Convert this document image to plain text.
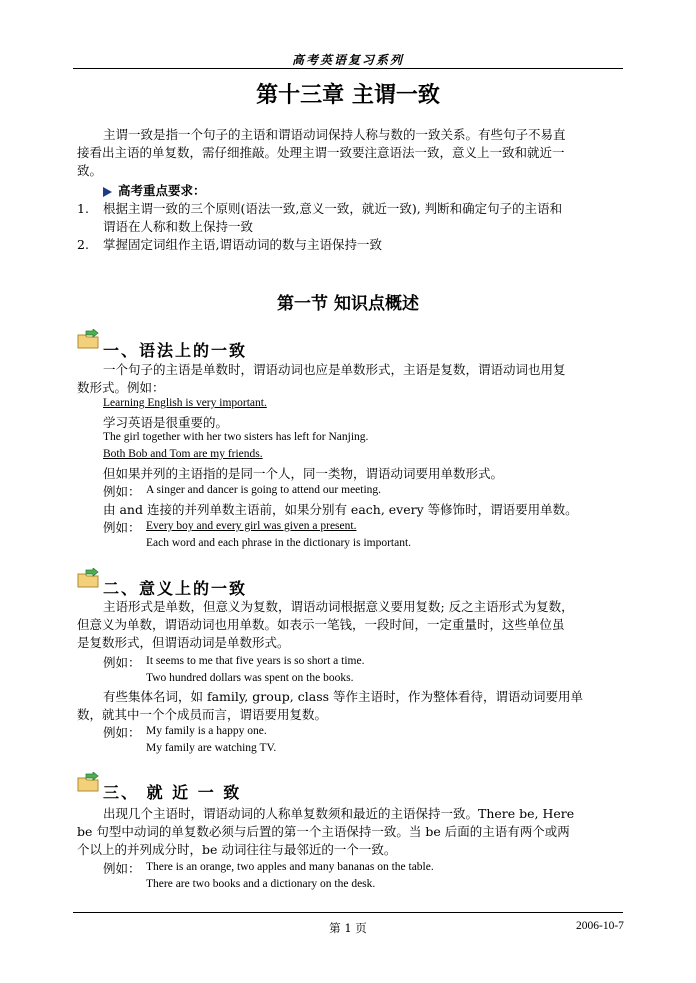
高考英语复习系列
第十三章 主谓一致
主谓一致是指一个句子的主语和谓语动词保持人称与数的一致关系。有些句子不易直
接看出主语的单复数，需仔细推敲。处理主谓一致要注意语法一致，意义上一致和就近一
致。
高考重点要求：
1. 根据主谓一致的三个原则(语法一致,意义一致，就近一致), 判断和确定句子的主语和
谓语在人称和数上保持一致
2. 掌握固定词组作主语,谓语动词的数与主语保持一致
第一节 知识点概述
一、语法上的一致
一个句子的主语是单数时，谓语动词也应是单数形式，主语是复数，谓语动词也用复
数形式。例如：
Learning English is very important.
学习英语是很重要的。
The girl together with her two sisters has left for Nanjing.
Both Bob and Tom are my friends.
但如果并列的主语指的是同一个人，同一类物，谓语动词要用单数形式。
例如： A singer and dancer is going to attend our meeting.
由 and 连接的并列单数主语前，如果分别有 each, every 等修饰时，谓语要用单数。
例如： Every boy and every girl was given a present.
Each word and each phrase in the dictionary is important.
二、意义上的一致
主语形式是单数，但意义为复数，谓语动词根据意义要用复数; 反之主语形式为复数，
但意义为单数，谓语动词也用单数。如表示一笔钱，一段时间，一定重量时，这些单位虽
是复数形式，但谓语动词是单数形式。
例如： It seems to me that five years is so short a time.
Two hundred dollars was spent on the books.
有些集体名词，如 family, group, class 等作主语时，作为整体看待，谓语动词要用单
数，就其中一个个成员而言，谓语要用复数。
例如： My family is a happy one.
My family are watching TV.
三、 就 近 一 致
出现几个主语时，谓语动词的人称单复数须和最近的主语保持一致。There be, Here
be 句型中动词的单复数必须与后置的第一个主语保持一致。当 be 后面的主语有两个或两
个以上的并列成分时，be 动词往往与最邻近的一个一致。
例如： There is an orange, two apples and many bananas on the table.
There are two books and a dictionary on the desk.
第 1 页	2006-10-7
